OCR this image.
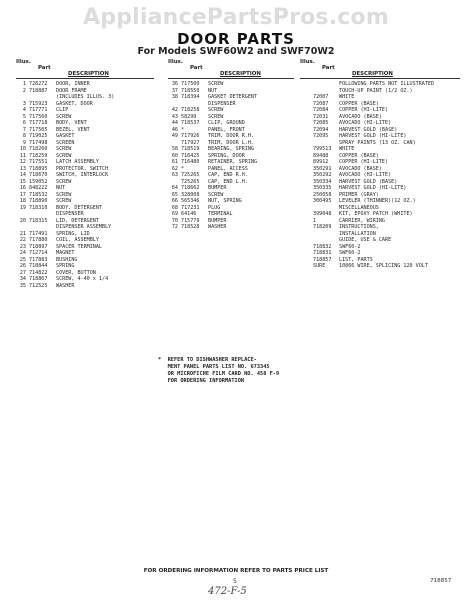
AppliancePartsPros.com
DOOR PARTS
For Models SWF60W2 and SWF70W2
Illus.
Part
DESCRIPTION
1 728272	DOOR, INNER
2 718887	DOOR FRAME
(INCLUDES ILLUS. 3)
3 715923	GASKET, DOOR
4 717771	CLIP
5 717560	SCREW
6 717718	BODY, VENT
7 717505	BEZEL, VENT
8 719025	GASKET
9 717498	SCREEN
10 718260	SCREW
11 718259	SCREW
12 717551	LATCH ASSEMBLY
13 718895	PROTECTOR, SWITCH
14 718670	SWITCH, INTERLOCK
15 159052	SCREW
16 848222	NUT
17 718532	SCREW
18 718890	SCREW
19 718310	BODY, DETERGENT
DISPENSER
20 718315	LID, DETERGENT
DISPENSER ASSEMBLY
21 717491	SPRING, LID
22 717880	COIL, ASSEMBLY
23 718897	SPACER TERMINAL
24 712714	MAGNET
25 717883	BUSHING
26 718844	SPRING
27 714822	COVER, BUTTON
34 718867	SCREW, 4-40 x 1/4
35 712525	WASHER
Illus.
Part
DESCRIPTION
36 717500	SCREW
37 718550	NUT
38 718394	GASKET DETERGENT
DISPENSER
42 718258	SCREW
43 58299	SCREW
44 718537	CLIP, GROUND
46 *	PANEL, FRONT
49 717926	TRIM, DOOR R.H.
717927	TRIM, DOOR L.H.
58 718519	BEARING, SPRING
60 716425	SPRING, DOOR
61 716480	RETAINER, SPRING
62 *	PANEL, ACCESS
63 725265	CAP, END R.H.
725265	CAP, END L.H.
64 718662	BUMPER
65 328008	SCREW
66 565346	NUT, SPRING
68 717231	PLUG
69 64146	TERMINAL
70 715779	BUMPER
72 718528	WASHER
Illus.
Part
DESCRIPTION
FOLLOWING PARTS NOT ILLUSTRATED
TOUCH-UP PAINT (1/2 OZ.)
72007	WHITE
72087	COPPER (BASE)
72084	COPPER (HI-LITE)
72031	AVOCADO (BASE)
72085	AVOCADO (HI-LITE)
72094	HARVEST GOLD (BASE)
72095	HARVEST GOLD (HI-LITE)
SPRAY PAINTS (13 OZ. CAN)
799513	WHITE
89488	COPPER (BASE)
89912	COPPER (HI-LITE)
350291	AVOCADO (BASE)
350292	AVOCADO (HI-LITE)
350334	HARVEST GOLD (BASE)
350335	HARVEST GOLD (HI-LITE)
250058	PRIMER (GRAY)
300495	LEVELER (THINNER)(12 OZ.)
MISCELLANEOUS
399048	KIT, EPOXY PATCH (WHITE)
1	CARRIER, WIRING
718209	INSTRUCTIONS,
INSTALLATION
GUIDE, USE & CARE
718832	SWF60-2
718831	SWF60-2
718857	LIST, PARTS
SURE	10866 WIRE, SPLICING 120 VOLT
*  REFER TO DISHWASHER REPLACE-
MENT PANEL PARTS LIST NO. 673345
OR MICROFICHE FILM CARD NO. 458 F-9
FOR ORDERING INFORMATION
FOR ORDERING INFORMATION REFER TO PARTS PRICE LIST
5	718857
472-F-5
